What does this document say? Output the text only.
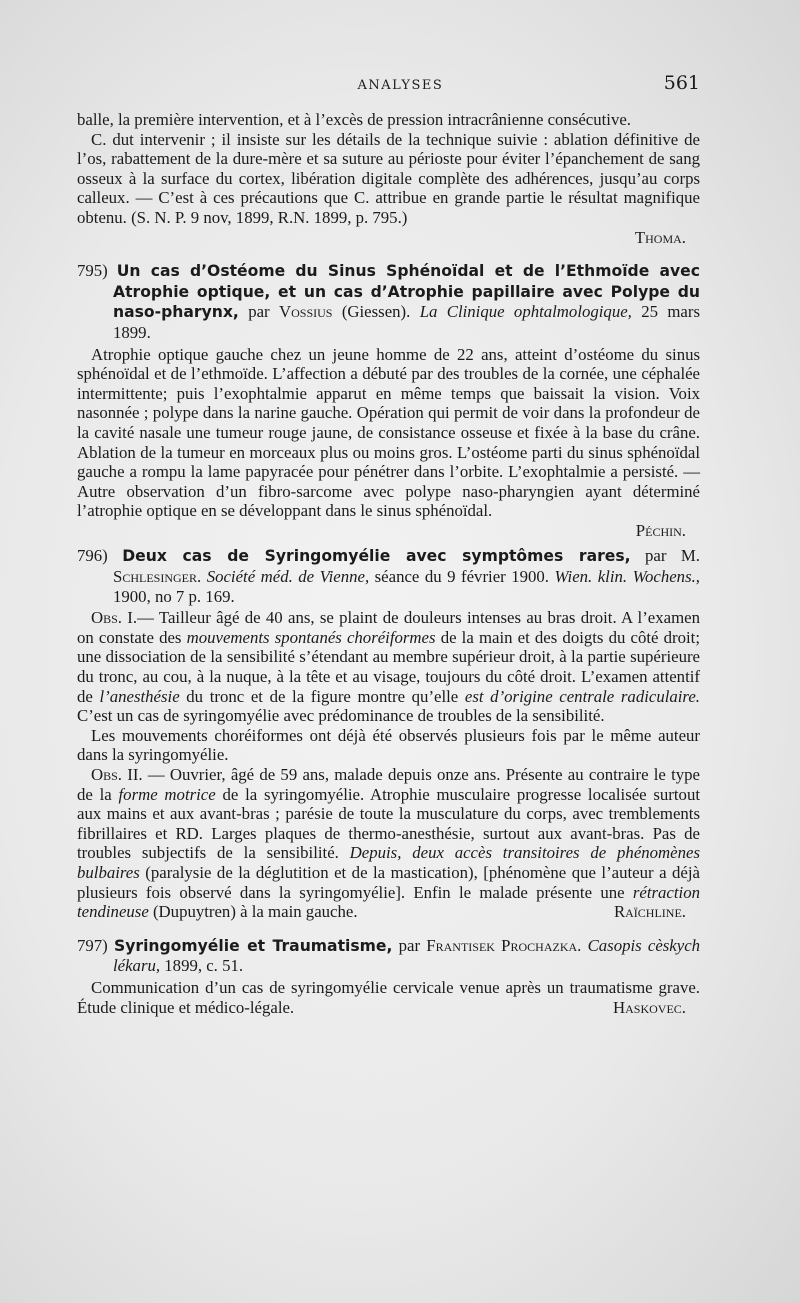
ANALYSES	561

balle, la première intervention, et à l’excès de pression intracrânienne consécutive.

C. dut intervenir ; il insiste sur les détails de la technique suivie : ablation définitive de l’os, rabattement de la dure-mère et sa suture au périoste pour éviter l’épanchement de sang osseux à la surface du cortex, libération digitale complète des adhérences, jusqu’au corps calleux. — C’est à ces précautions que C. attribue en grande partie le résultat magnifique obtenu. (S. N. P. 9 nov, 1899, R.N. 1899, p. 795.)

Thoma.

795) Un cas d’Ostéome du Sinus Sphénoïdal et de l’Ethmoïde avec Atrophie optique, et un cas d’Atrophie papillaire avec Polype du naso-pharynx, par Vossius (Giessen). La Clinique ophtalmologique, 25 mars 1899.

Atrophie optique gauche chez un jeune homme de 22 ans, atteint d’ostéome du sinus sphénoïdal et de l’ethmoïde. L’affection a débuté par des troubles de la cornée, une céphalée intermittente; puis l’exophtalmie apparut en même temps que baissait la vision. Voix nasonnée ; polype dans la narine gauche. Opération qui permit de voir dans la profondeur de la cavité nasale une tumeur rouge jaune, de consistance osseuse et fixée à la base du crâne. Ablation de la tumeur en morceaux plus ou moins gros. L’ostéome parti du sinus sphénoïdal gauche a rompu la lame papyracée pour pénétrer dans l’orbite. L’exophtalmie a persisté. — Autre observation d’un fibro-sarcome avec polype naso-pharyngien ayant déterminé l’atrophie optique en se développant dans le sinus sphénoïdal.

Péchin.

796) Deux cas de Syringomyélie avec symptômes rares, par M. Schlesinger. Société méd. de Vienne, séance du 9 février 1900. Wien. klin. Wochens., 1900, no 7 p. 169.

Obs. I.— Tailleur âgé de 40 ans, se plaint de douleurs intenses au bras droit. A l’examen on constate des mouvements spontanés choréiformes de la main et des doigts du côté droit; une dissociation de la sensibilité s’étendant au membre supérieur droit, à la partie supérieure du tronc, au cou, à la nuque, à la tête et au visage, toujours du côté droit. L’examen attentif de l’anesthésie du tronc et de la figure montre qu’elle est d’origine centrale radiculaire. C’est un cas de syringomyélie avec prédominance de troubles de la sensibilité.

Les mouvements choréiformes ont déjà été observés plusieurs fois par le même auteur dans la syringomyélie.

Obs. II. — Ouvrier, âgé de 59 ans, malade depuis onze ans. Présente au contraire le type de la forme motrice de la syringomyélie. Atrophie musculaire progresse localisée surtout aux mains et aux avant-bras ; parésie de toute la musculature du corps, avec tremblements fibrillaires et RD. Larges plaques de thermo-anesthésie, surtout aux avant-bras. Pas de troubles subjectifs de la sensibilité. Depuis, deux accès transitoires de phénomènes bulbaires (paralysie de la déglutition et de la mastication), [phénomène que l’auteur a déjà plusieurs fois observé dans la syringomyélie]. Enfin le malade présente une rétraction tendineuse (Dupuytren) à la main gauche.	Raïchline.

797) Syringomyélie et Traumatisme, par Frantisek Prochazka. Casopis cèskych lékaru, 1899, c. 51.

Communication d’un cas de syringomyélie cervicale venue après un traumatisme grave. Étude clinique et médico-légale.	Haskovec.
